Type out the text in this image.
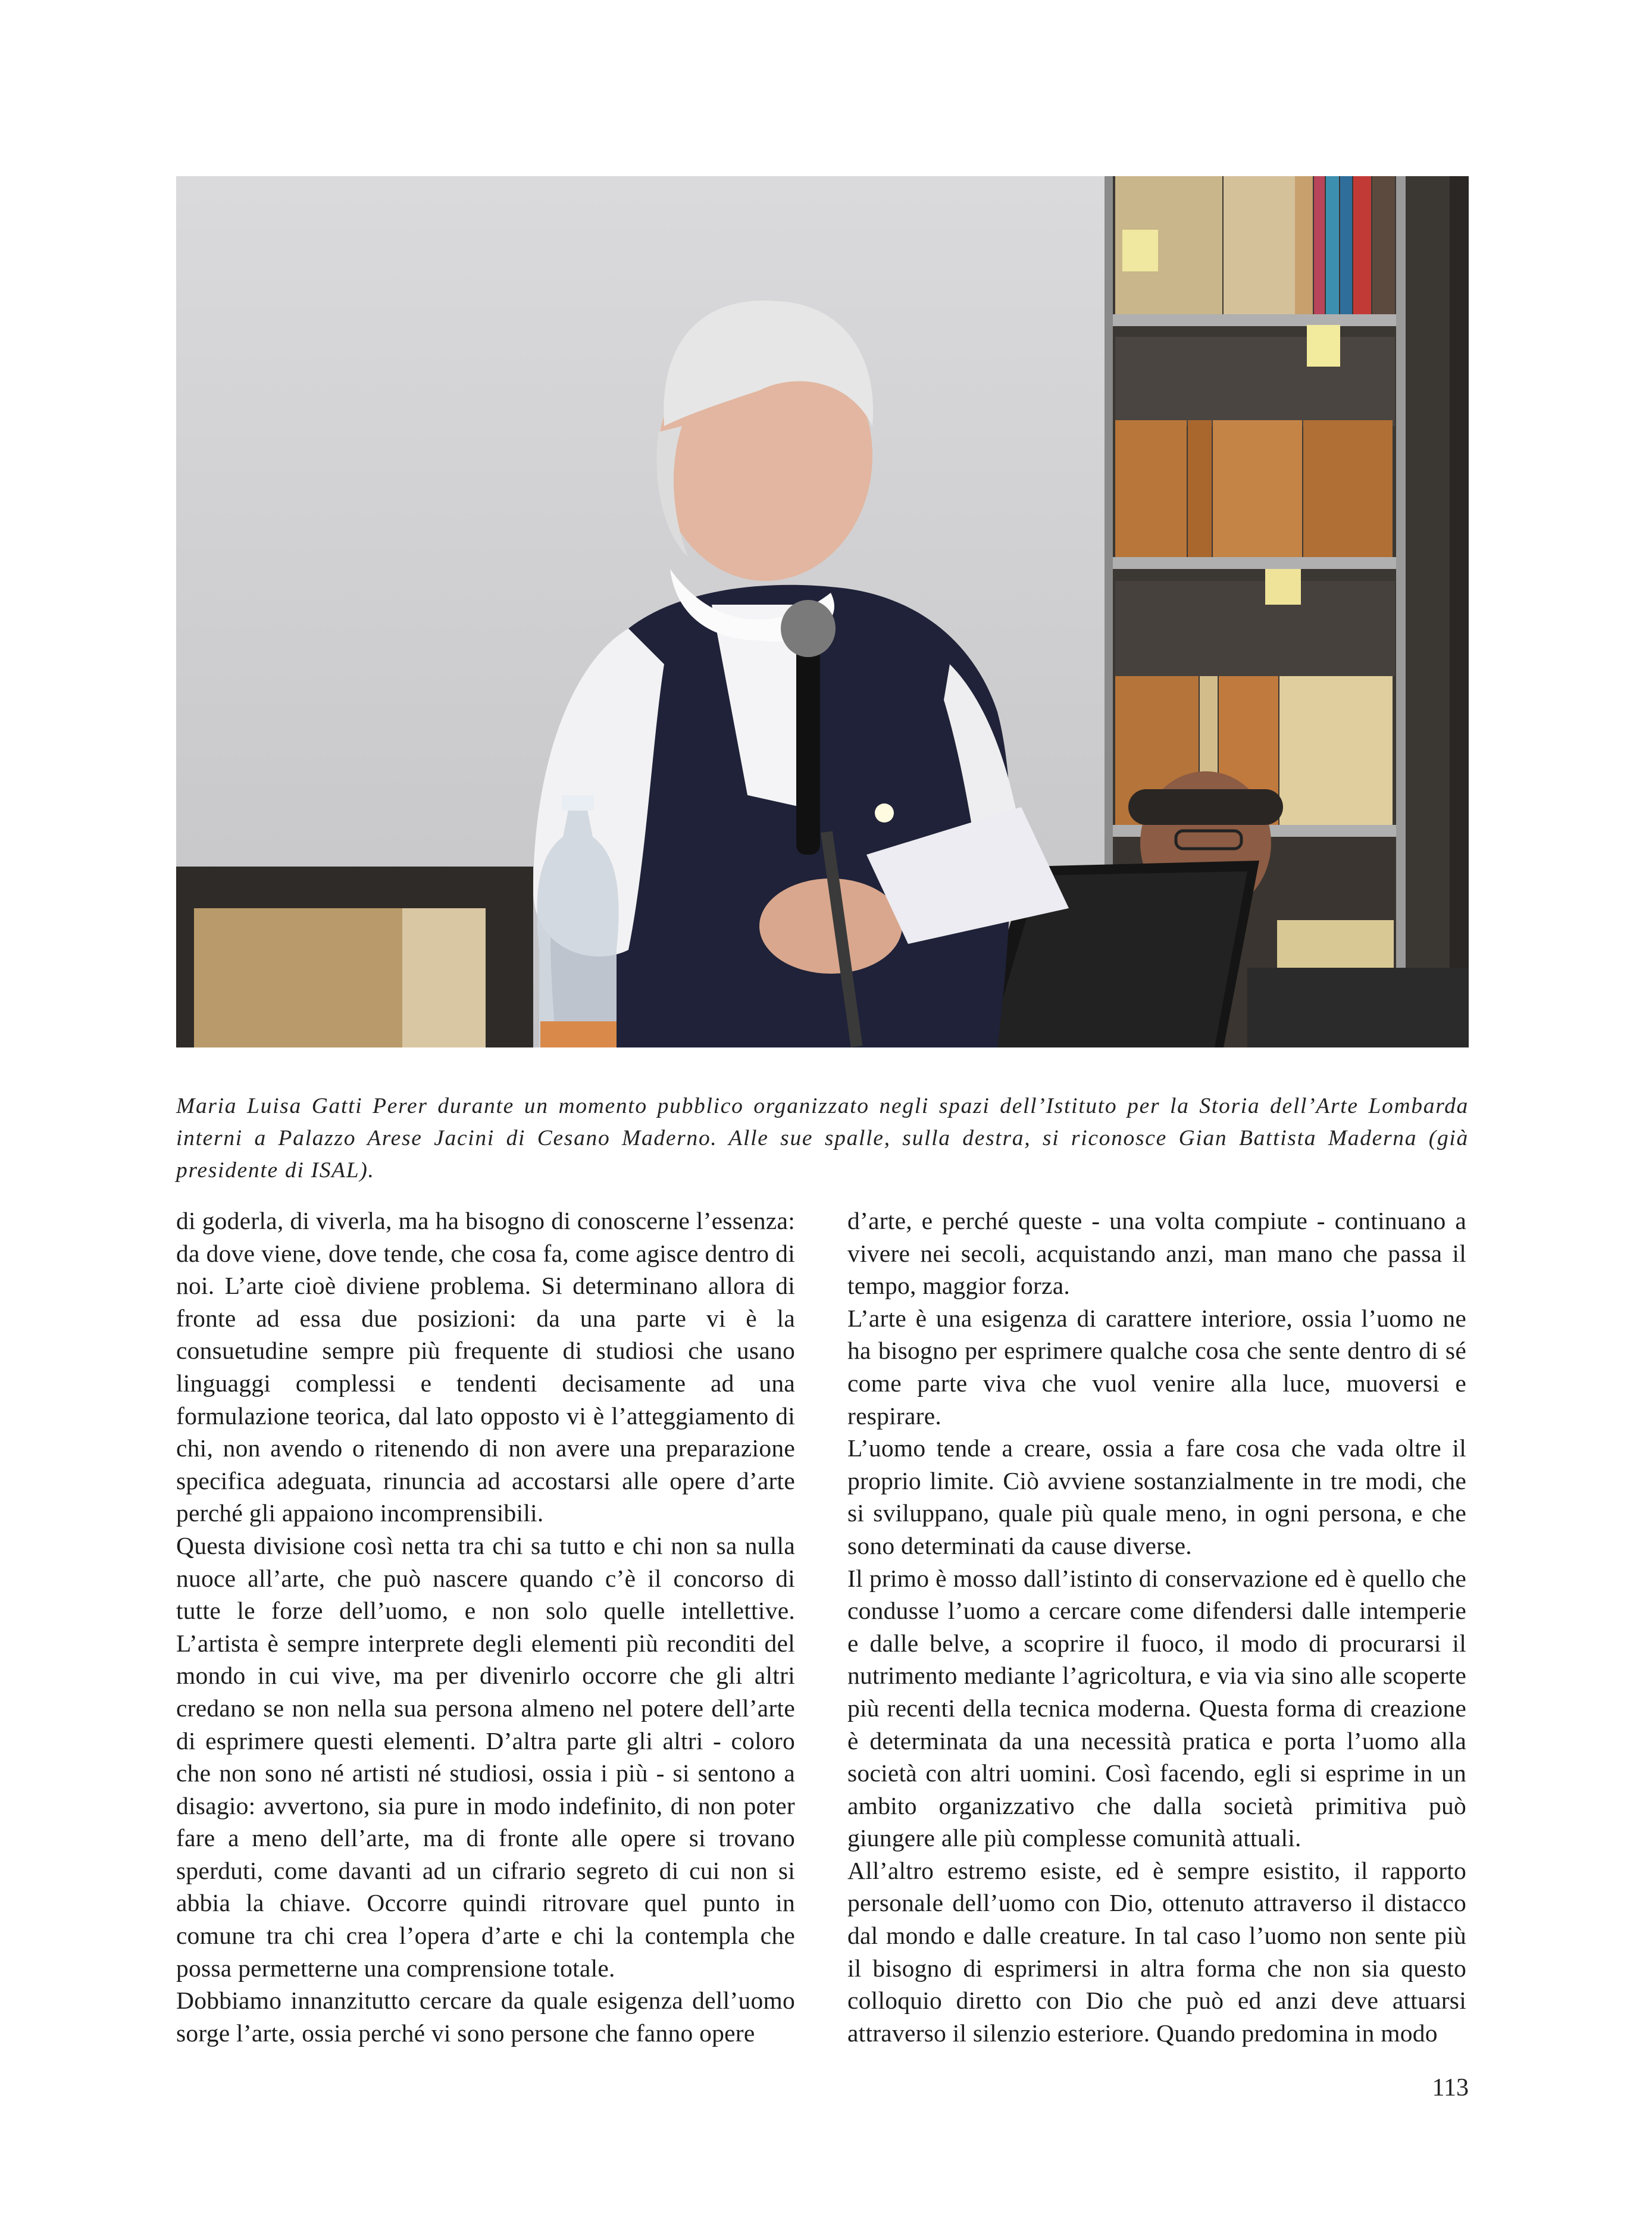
Maria Luisa Gatti Perer durante un momento pubblico organizzato negli spazi dell’Istituto per la Storia dell’Arte Lombarda interni a Palazzo Arese Jacini di Cesano Maderno. Alle sue spalle, sulla destra, si riconosce Gian Battista Maderna (già presidente di ISAL).

di goderla, di viverla, ma ha bisogno di conoscerne l’essenza: da dove viene, dove tende, che cosa fa, come agisce dentro di noi. L’arte cioè diviene problema. Si determinano allora di fronte ad essa due posizioni: da una parte vi è la consuetudine sempre più frequente di studiosi che usano linguaggi complessi e tendenti decisamente ad una formulazione teorica, dal lato opposto vi è l’atteggiamento di chi, non avendo o ritenendo di non avere una preparazione specifica adeguata, rinuncia ad accostarsi alle opere d’arte perché gli appaiono incomprensibili.

Questa divisione così netta tra chi sa tutto e chi non sa nulla nuoce all’arte, che può nascere quando c’è il concorso di tutte le forze dell’uomo, e non solo quelle intellettive. L’artista è sempre interprete degli elementi più reconditi del mondo in cui vive, ma per divenirlo occorre che gli altri credano se non nella sua persona almeno nel potere dell’arte di esprimere questi elementi. D’altra parte gli altri - coloro che non sono né artisti né studiosi, ossia i più - si sentono a disagio: avvertono, sia pure in modo indefinito, di non poter fare a meno dell’arte, ma di fronte alle opere si trovano sperduti, come davanti ad un cifrario segreto di cui non si abbia la chiave. Occorre quindi ritrovare quel punto in comune tra chi crea l’opera d’arte e chi la contempla che possa permetterne una comprensione totale.

Dobbiamo innanzitutto cercare da quale esigenza dell’uomo sorge l’arte, ossia perché vi sono persone che fanno opere

d’arte, e perché queste - una volta compiute - continuano a vivere nei secoli, acquistando anzi, man mano che passa il tempo, maggior forza.

L’arte è una esigenza di carattere interiore, ossia l’uomo ne ha bisogno per esprimere qualche cosa che sente dentro di sé come parte viva che vuol venire alla luce, muoversi e respirare.

L’uomo tende a creare, ossia a fare cosa che vada oltre il proprio limite. Ciò avviene sostanzialmente in tre modi, che si sviluppano, quale più quale meno, in ogni persona, e che sono determinati da cause diverse.

Il primo è mosso dall’istinto di conservazione ed è quello che condusse l’uomo a cercare come difendersi dalle intemperie e dalle belve, a scoprire il fuoco, il modo di procurarsi il nutrimento mediante l’agricoltura, e via via sino alle scoperte più recenti della tecnica moderna. Questa forma di creazione è determinata da una necessità pratica e porta l’uomo alla società con altri uomini. Così facendo, egli si esprime in un ambito organizzativo che dalla società primitiva può giungere alle più complesse comunità attuali.

All’altro estremo esiste, ed è sempre esistito, il rapporto personale dell’uomo con Dio, ottenuto attraverso il distacco dal mondo e dalle creature. In tal caso l’uomo non sente più il bisogno di esprimersi in altra forma che non sia questo colloquio diretto con Dio che può ed anzi deve attuarsi attraverso il silenzio esteriore. Quando predomina in modo

113
